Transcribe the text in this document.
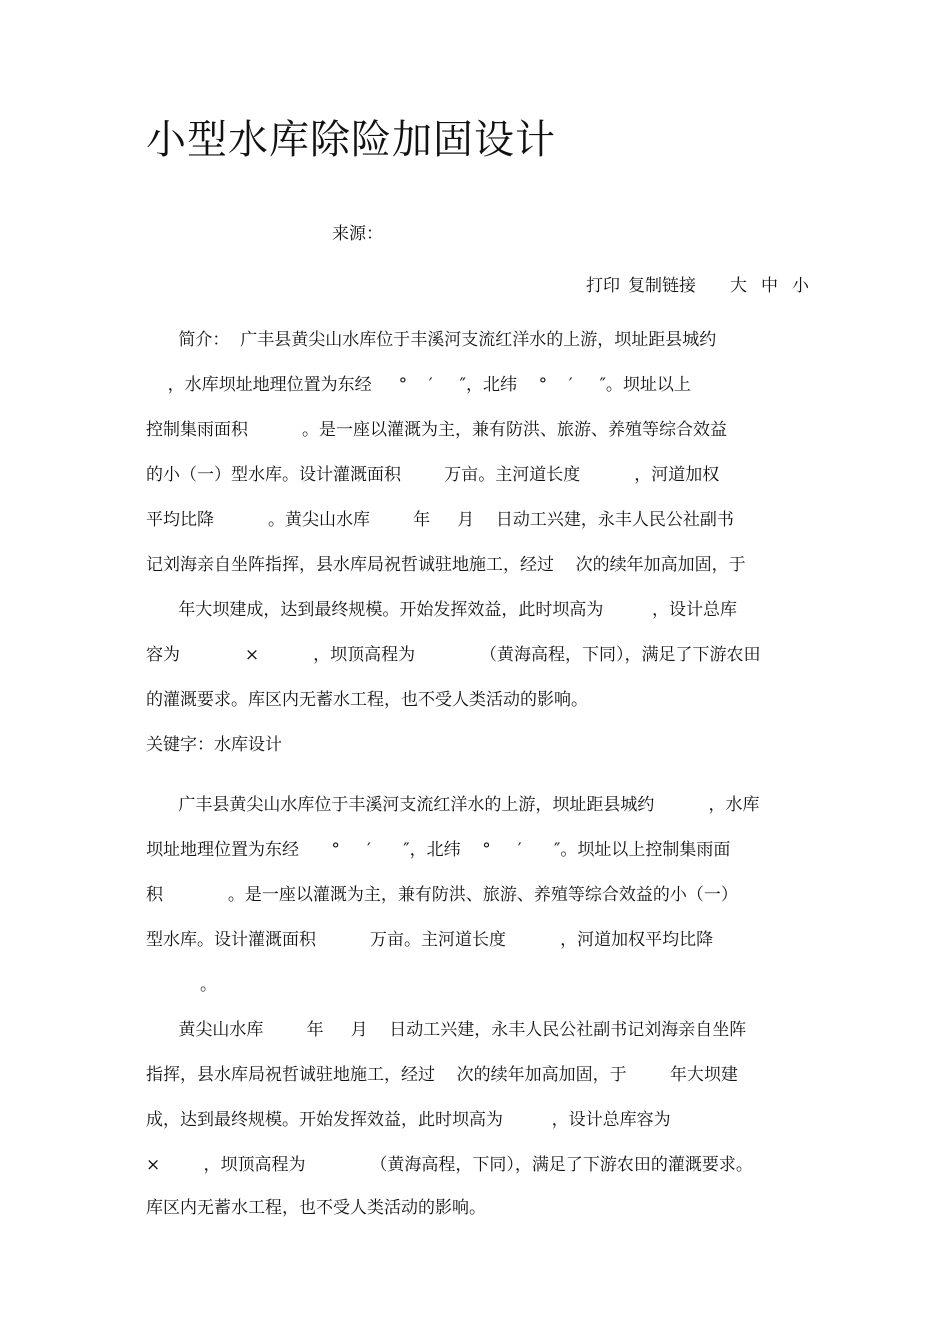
小型水库除险加固设计
来源：
打印 复制链接 大 中 小
简介：  广丰县黄尖山水库位于丰溪河支流红洋水的上游，坝址距县城约
，水库坝址地理位置为东经     °    ′     ″，北纬    °    ′     ″。坝址以上
控制集雨面积          。是一座以灌溉为主，兼有防洪、旅游、养殖等综合效益
的小（一）型水库。设计灌溉面积        万亩。主河道长度          ，河道加权
平均比降          。黄尖山水库        年     月    日动工兴建，永丰人民公社副书
记刘海亲自坐阵指挥，县水库局祝哲诚驻地施工，经过    次的续年加高加固，于
年大坝建成，达到最终规模。开始发挥效益，此时坝高为         ，设计总库
容为            ×          ，坝顶高程为            （黄海高程，下同），满足了下游农田
的灌溉要求。库区内无蓄水工程，也不受人类活动的影响。
关键字：水库设计
广丰县黄尖山水库位于丰溪河支流红洋水的上游，坝址距县城约          ，水库
坝址地理位置为东经      °     ′      ″，北纬    °     ′      ″。坝址以上控制集雨面
积            。是一座以灌溉为主，兼有防洪、旅游、养殖等综合效益的小（一）
型水库。设计灌溉面积          万亩。主河道长度          ，河道加权平均比降
。
黄尖山水库        年     月    日动工兴建，永丰人民公社副书记刘海亲自坐阵
指挥，县水库局祝哲诚驻地施工，经过    次的续年加高加固，于        年大坝建
成，达到最终规模。开始发挥效益，此时坝高为         ，设计总库容为
×        ，坝顶高程为            （黄海高程，下同），满足了下游农田的灌溉要求。
库区内无蓄水工程，也不受人类活动的影响。
